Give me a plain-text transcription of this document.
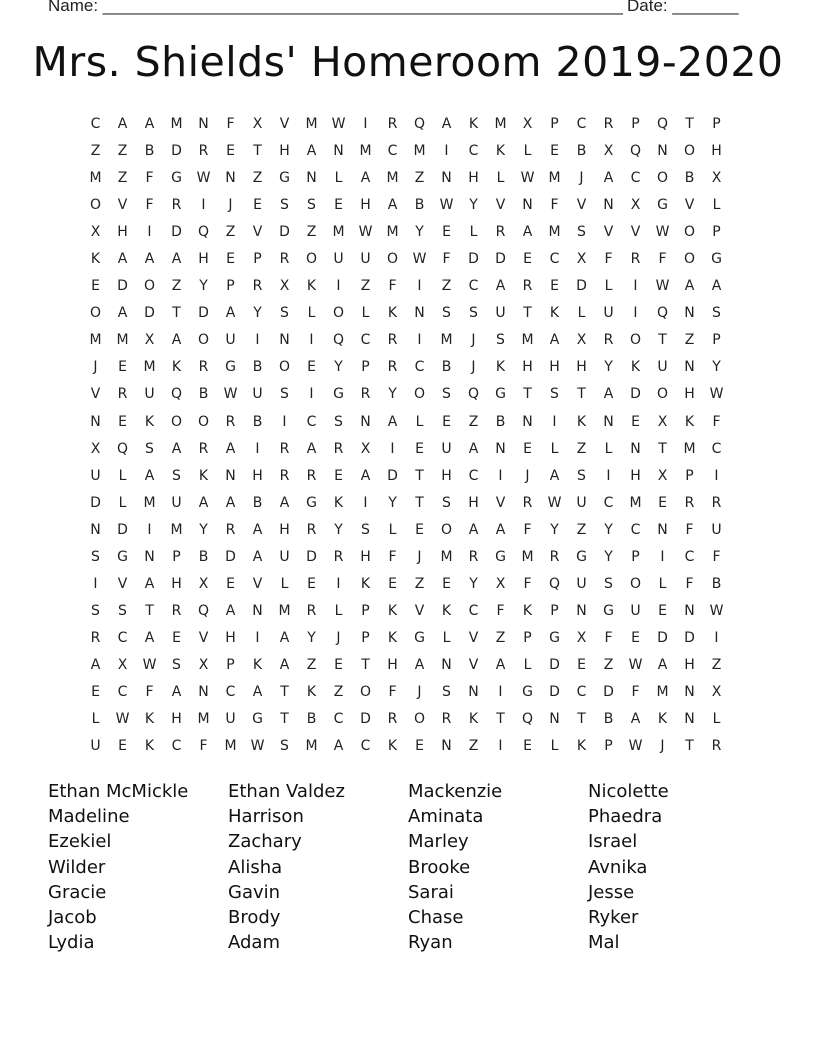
Name: _______________________________________________________ Date: _______
Mrs. Shields' Homeroom 2019-2020
C	A	A	M	N	F	X	V	M	W	I	R	Q	A	K	M	X	P	C	R	P	Q	T	P
Z	Z	B	D	R	E	T	H	A	N	M	C	M	I	C	K	L	E	B	X	Q	N	O	H
M	Z	F	G	W	N	Z	G	N	L	A	M	Z	N	H	L	W	M	J	A	C	O	B	X
O	V	F	R	I	J	E	S	S	E	H	A	B	W	Y	V	N	F	V	N	X	G	V	L
X	H	I	D	Q	Z	V	D	Z	M	W	M	Y	E	L	R	A	M	S	V	V	W	O	P
K	A	A	A	H	E	P	R	O	U	U	O	W	F	D	D	E	C	X	F	R	F	O	G
E	D	O	Z	Y	P	R	X	K	I	Z	F	I	Z	C	A	R	E	D	L	I	W	A	A
O	A	D	T	D	A	Y	S	L	O	L	K	N	S	S	U	T	K	L	U	I	Q	N	S
M	M	X	A	O	U	I	N	I	Q	C	R	I	M	J	S	M	A	X	R	O	T	Z	P
J	E	M	K	R	G	B	O	E	Y	P	R	C	B	J	K	H	H	H	Y	K	U	N	Y
V	R	U	Q	B	W	U	S	I	G	R	Y	O	S	Q	G	T	S	T	A	D	O	H	W
N	E	K	O	O	R	B	I	C	S	N	A	L	E	Z	B	N	I	K	N	E	X	K	F
X	Q	S	A	R	A	I	R	A	R	X	I	E	U	A	N	E	L	Z	L	N	T	M	C
U	L	A	S	K	N	H	R	R	E	A	D	T	H	C	I	J	A	S	I	H	X	P	I
D	L	M	U	A	A	B	A	G	K	I	Y	T	S	H	V	R	W	U	C	M	E	R	R
N	D	I	M	Y	R	A	H	R	Y	S	L	E	O	A	A	F	Y	Z	Y	C	N	F	U
S	G	N	P	B	D	A	U	D	R	H	F	J	M	R	G	M	R	G	Y	P	I	C	F
I	V	A	H	X	E	V	L	E	I	K	E	Z	E	Y	X	F	Q	U	S	O	L	F	B
S	S	T	R	Q	A	N	M	R	L	P	K	V	K	C	F	K	P	N	G	U	E	N	W
R	C	A	E	V	H	I	A	Y	J	P	K	G	L	V	Z	P	G	X	F	E	D	D	I
A	X	W	S	X	P	K	A	Z	E	T	H	A	N	V	A	L	D	E	Z	W	A	H	Z
E	C	F	A	N	C	A	T	K	Z	O	F	J	S	N	I	G	D	C	D	F	M	N	X
L	W	K	H	M	U	G	T	B	C	D	R	O	R	K	T	Q	N	T	B	A	K	N	L
U	E	K	C	F	M	W	S	M	A	C	K	E	N	Z	I	E	L	K	P	W	J	T	R
Ethan McMickle	Ethan Valdez	Mackenzie	Nicolette
Madeline	Harrison	Aminata	Phaedra
Ezekiel	Zachary	Marley	Israel
Wilder	Alisha	Brooke	Avnika
Gracie	Gavin	Sarai	Jesse
Jacob	Brody	Chase	Ryker
Lydia	Adam	Ryan	Mal
